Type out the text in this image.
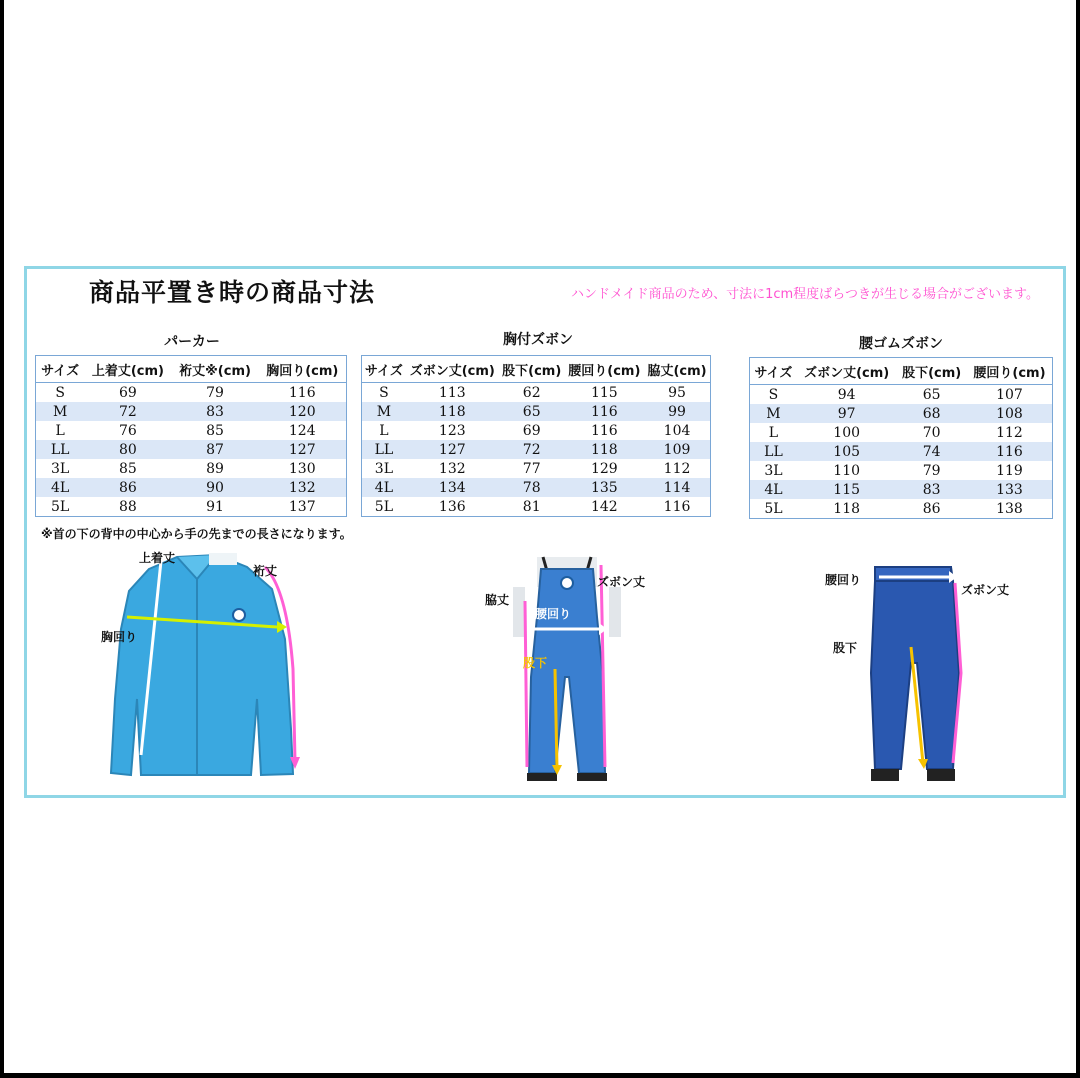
商品平置き時の商品寸法	ハンドメイド商品のため、寸法に1cm程度ばらつきが生じる場合がございます。
パーカー
サイズ	上着丈(cm)	裄丈※(cm)	胸回り(cm)
S	69	79	116
M	72	83	120
L	76	85	124
LL	80	87	127
3L	85	89	130
4L	86	90	132
5L	88	91	137
胸付ズボン
サイズ	ズボン丈(cm)	股下(cm)	腰回り(cm)	脇丈(cm)
S	113	62	115	95
M	118	65	116	99
L	123	69	116	104
LL	127	72	118	109
3L	132	77	129	112
4L	134	78	135	114
5L	136	81	142	116
腰ゴムズボン
サイズ	ズボン丈(cm)	股下(cm)	腰回り(cm)
S	94	65	107
M	97	68	108
L	100	70	112
LL	105	74	116
3L	110	79	119
4L	115	83	133
5L	118	86	138
※首の下の背中の中心から手の先までの長さになります。
上着丈
裄丈
胸回り
脇丈
ズボン丈
腰回り
股下
腰回り
ズボン丈
股下
